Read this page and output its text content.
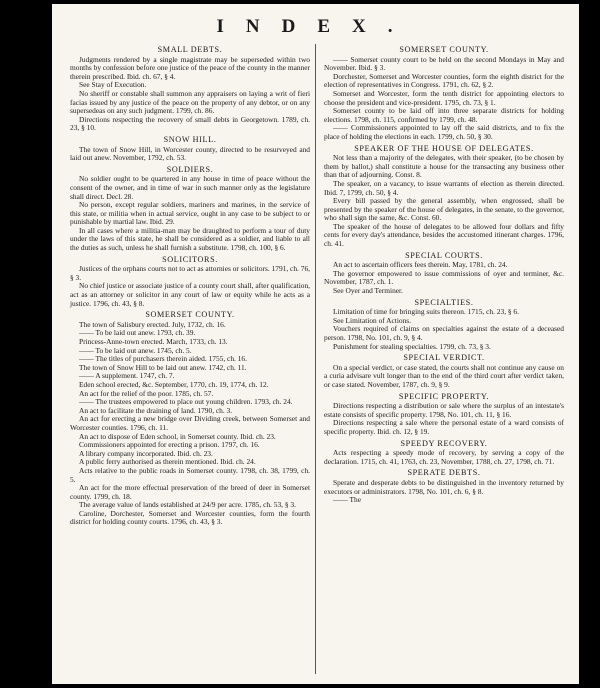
INDEX.
SMALL DEBTS.

Judgments rendered by a single magistrate may be superseded within two months by confession before one justice of the peace of the county in the manner therein prescribed. Ibid. ch. 67, § 4.

See Stay of Execution.

No sheriff or constable shall summon any appraisers on laying a writ of fieri facias issued by any justice of the peace on the property of any debtor, or on any supersedeas on any such judgment. 1799, ch. 86.

Directions respecting the recovery of small debts in Georgetown. 1789, ch. 23, § 10.

SNOW HILL.

The town of Snow Hill, in Worcester county, directed to be resurveyed and laid out anew. November, 1792, ch. 53.

SOLDIERS.

No soldier ought to be quartered in any house in time of peace without the consent of the owner, and in time of war in such manner only as the legislature shall direct. Decl. 28.

No person, except regular soldiers, mariners and marines, in the service of this state, or militia when in actual service, ought in any case to be subject to or punishable by martial law. Ibid. 29.

In all cases where a militia-man may be draughted to perform a tour of duty under the laws of this state, he shall be considered as a soldier, and liable to all the duties as such, unless he shall furnish a substitute. 1798, ch. 100, § 6.

SOLICITORS.

Justices of the orphans courts not to act as attornies or solicitors. 1791, ch. 76, § 3.

No chief justice or associate justice of a county court shall, after qualification, act as an attorney or solicitor in any court of law or equity while he acts as a justice. 1796, ch. 43, § 8.

SOMERSET COUNTY.

The town of Salisbury erected. July, 1732, ch. 16.

—— To be laid out anew. 1793, ch. 39.

Princess-Anne-town erected. March, 1733, ch. 13.

—— To be laid out anew. 1745, ch. 5.

—— The titles of purchasers therein aided. 1755, ch. 16.

The town of Snow Hill to be laid out anew. 1742, ch. 11.

—— A supplement. 1747, ch. 7.

Eden school erected, &c. September, 1770, ch. 19, 1774, ch. 12.

An act for the relief of the poor. 1785, ch. 57.

—— The trustees empowered to place out young children. 1793, ch. 24.

An act to facilitate the draining of land. 1790, ch. 3.

An act for erecting a new bridge over Dividing creek, between Somerset and Worcester counties. 1796, ch. 11.

An act to dispose of Eden school, in Somerset county. Ibid. ch. 23.

Commissioners appointed for erecting a prison. 1797, ch. 16.

A library company incorporated. Ibid. ch. 23.

A public ferry authorised as therein mentioned. Ibid. ch. 24.

Acts relative to the public roads in Somerset county. 1798, ch. 38, 1799, ch. 5.

An act for the more effectual preservation of the breed of deer in Somerset county. 1799, ch. 18.

The average value of lands established at 24/9 per acre. 1785, ch. 53, § 3.

Caroline, Dorchester, Somerset and Worcester counties, form the fourth district for holding county courts. 1796, ch. 43, § 3.

SOMERSET COUNTY.

—— Somerset county court to be held on the second Mondays in May and November. Ibid. § 3.

Dorchester, Somerset and Worcester counties, form the eighth district for the election of representatives in Congress. 1791, ch. 62, § 2.

Somerset and Worcester, form the tenth district for appointing electors to choose the president and vice-president. 1795, ch. 73, § 1.

Somerset county to be laid off into three separate districts for holding elections. 1798, ch. 115, confirmed by 1799, ch. 48.

—— Commissioners appointed to lay off the said districts, and to fix the place of holding the elections in each. 1799, ch. 50, § 30.

SPEAKER OF THE HOUSE OF DELEGATES.

Not less than a majority of the delegates, with their speaker, (to be chosen by them by ballot,) shall constitute a house for the transacting any business other than that of adjourning. Const. 8.

The speaker, on a vacancy, to issue warrants of election as therein directed. Ibid. 7, 1799, ch. 50, § 4.

Every bill passed by the general assembly, when engrossed, shall be presented by the speaker of the house of delegates, in the senate, to the governor, who shall sign the same, &c. Const. 60.

The speaker of the house of delegates to be allowed four dollars and fifty cents for every day's attendance, besides the accustomed itinerant charges. 1796, ch. 41.

SPECIAL COURTS.

An act to ascertain officers fees therein. May, 1781, ch. 24.

The governor empowered to issue commissions of oyer and terminer, &c. November, 1787, ch. 1.

See Oyer and Terminer.

SPECIALTIES.

Limitation of time for bringing suits thereon. 1715, ch. 23, § 6.

See Limitation of Actions.

Vouchers required of claims on specialties against the estate of a deceased person. 1798, No. 101, ch. 9, § 4.

Punishment for stealing specialties. 1799, ch. 73, § 3.

SPECIAL VERDICT.

On a special verdict, or case stated, the courts shall not continue any cause on a curia advisare vult longer than to the end of the third court after verdict taken, or case stated. November, 1787, ch. 9, § 9.

SPECIFIC PROPERTY.

Directions respecting a distribution or sale where the surplus of an intestate's estate consists of specific property. 1798, No. 101, ch. 11, § 16.

Directions respecting a sale where the personal estate of a ward consists of specific property. Ibid. ch. 12, § 19.

SPEEDY RECOVERY.

Acts respecting a speedy mode of recovery, by serving a copy of the declaration. 1715, ch. 41, 1763, ch. 23, November, 1788, ch. 27, 1798, ch. 71.

SPERATE DEBTS.

Sperate and desperate debts to be distinguished in the inventory returned by executors or administrators. 1798, No. 101, ch. 6, § 8.

—— The
